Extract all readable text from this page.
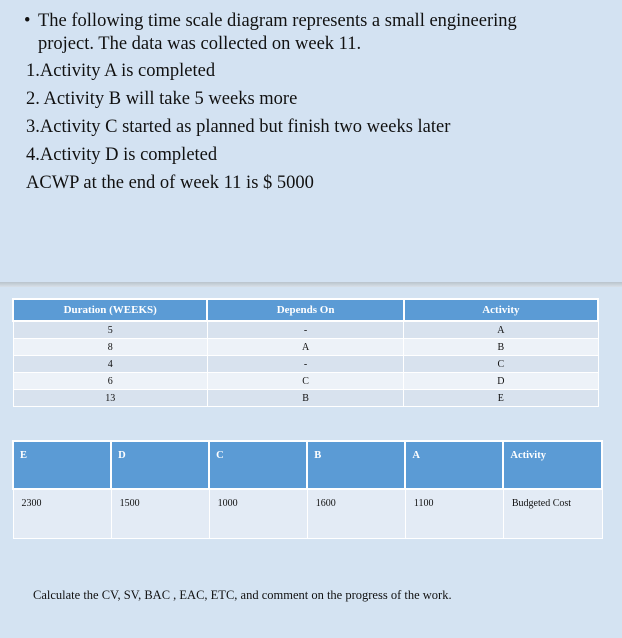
• The following time scale diagram represents a small engineering
project. The data was collected on week 11.
1.Activity A is completed
2. Activity B will take 5 weeks more
3.Activity C started as planned but finish two weeks later
4.Activity D is completed
ACWP at the end of week 11 is $ 5000
Duration (WEEKS)	Depends On	Activity
5	-	A
8	A	B
4	-	C
6	C	D
13	B	E
E	D	C	B	A	Activity
2300	1500	1000	1600	1100	Budgeted Cost
Calculate the CV, SV, BAC , EAC, ETC, and comment on the progress of the work.
